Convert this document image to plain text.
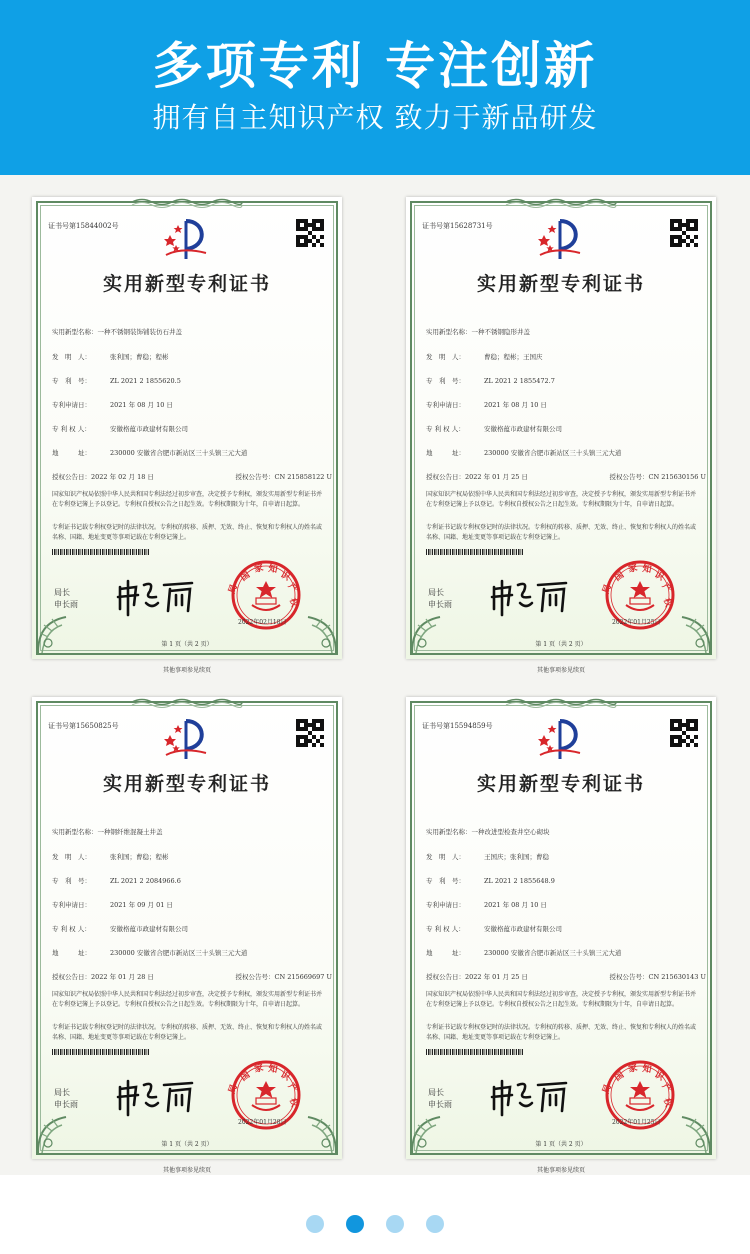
多项专利 专注创新
拥有自主知识产权 致力于新品研发
证书号第15844002号
实用新型专利证书
实用新型名称：一种不锈钢装饰铺装仿石井盖
发　明　人：	张利国；曹稳；程彬
专　利　号：	ZL 2021 2 1855620.5
专利申请日：	2021 年 08 月 10 日
专 利 权 人：	安徽格蕴市政建材有限公司
地　　　址：	230000 安徽省合肥市新站区三十头镇三元大道
授权公告日：2022 年 02 月 18 日	授权公告号：CN 215858122 U
国家知识产权局依照中华人民共和国专利法经过初步审查，决定授予专利权，颁发实用新型专利证书并在专利登记簿上予以登记。专利权自授权公告之日起生效。专利权期限为十年，自申请日起算。
专利证书记载专利权登记时的法律状况。专利权的转移、质押、无效、终止、恢复和专利权人的姓名或名称、国籍、地址变更等事项记载在专利登记簿上。
局长
申长雨
国
家 知
识
产
权
局
2022年02月18日
第 1 页（共 2 页）
其他事项参见续页
证书号第15628731号
实用新型专利证书
实用新型名称：一种不锈钢隐形井盖
发　明　人：	曹稳；程彬；王国庆
专　利　号：	ZL 2021 2 1855472.7
专利申请日：	2021 年 08 月 10 日
专 利 权 人：	安徽格蕴市政建材有限公司
地　　　址：	230000 安徽省合肥市新站区三十头镇三元大道
授权公告日：2022 年 01 月 25 日	授权公告号：CN 215630156 U
国家知识产权局依照中华人民共和国专利法经过初步审查，决定授予专利权，颁发实用新型专利证书并在专利登记簿上予以登记。专利权自授权公告之日起生效。专利权期限为十年，自申请日起算。
专利证书记载专利权登记时的法律状况。专利权的转移、质押、无效、终止、恢复和专利权人的姓名或名称、国籍、地址变更等事项记载在专利登记簿上。
局长
申长雨
国
家 知
识
产
权
局
2022年01月25日
第 1 页（共 2 页）
其他事项参见续页
证书号第15650825号
实用新型专利证书
实用新型名称：一种钢纤维混凝土井盖
发　明　人：	张利国；曹稳；程彬
专　利　号：	ZL 2021 2 2084966.6
专利申请日：	2021 年 09 月 01 日
专 利 权 人：	安徽格蕴市政建材有限公司
地　　　址：	230000 安徽省合肥市新站区三十头镇三元大道
授权公告日：2022 年 01 月 28 日	授权公告号：CN 215669697 U
国家知识产权局依照中华人民共和国专利法经过初步审查，决定授予专利权，颁发实用新型专利证书并在专利登记簿上予以登记。专利权自授权公告之日起生效。专利权期限为十年，自申请日起算。
专利证书记载专利权登记时的法律状况。专利权的转移、质押、无效、终止、恢复和专利权人的姓名或名称、国籍、地址变更等事项记载在专利登记簿上。
局长
申长雨
国
家 知
识
产
权
局
2022年01月28日
第 1 页（共 2 页）
其他事项参见续页
证书号第15594859号
实用新型专利证书
实用新型名称：一种改进型检查井空心砌块
发　明　人：	王国庆；张利国；曹稳
专　利　号：	ZL 2021 2 1855648.9
专利申请日：	2021 年 08 月 10 日
专 利 权 人：	安徽格蕴市政建材有限公司
地　　　址：	230000 安徽省合肥市新站区三十头镇三元大道
授权公告日：2022 年 01 月 25 日	授权公告号：CN 215630143 U
国家知识产权局依照中华人民共和国专利法经过初步审查，决定授予专利权，颁发实用新型专利证书并在专利登记簿上予以登记。专利权自授权公告之日起生效。专利权期限为十年，自申请日起算。
专利证书记载专利权登记时的法律状况。专利权的转移、质押、无效、终止、恢复和专利权人的姓名或名称、国籍、地址变更等事项记载在专利登记簿上。
局长
申长雨
国
家 知
识
产
权
局
2022年01月25日
第 1 页（共 2 页）
其他事项参见续页
